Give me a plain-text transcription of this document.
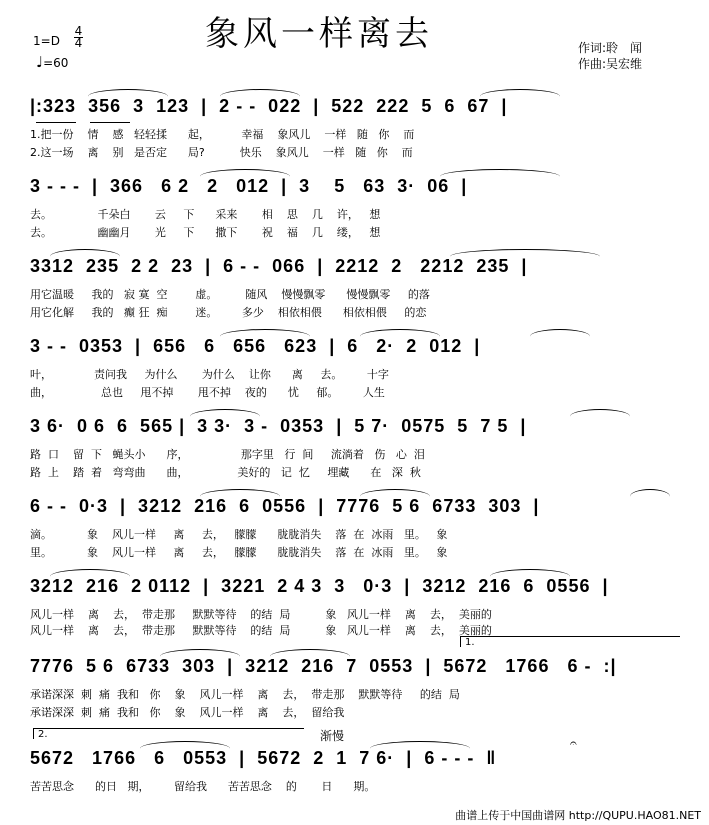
象风一样离去
1=D
4
4
♩=60
作词:聆　闻
作曲:吴宏维
|:323  356  3  123  |  2 - -  022  |  522  222  5  6  67  |
1.把一份    情    感   轻轻揉      起，         幸福    象风儿    一样   随   你    而
2.这一场    离    别   是否定      局?          快乐    象风儿    一样   随   你    而
3 - - -  |  366   6 2   2   012  |  3    5   63  3·  06  |
去。             千朵白       云     下      采来       相    思    几    许，   想
去。             幽幽月       光     下      撒下       祝    福    几    缕，   想
3312  235  2 2  23  |  6 - -  066  |  2212  2   2212  235  |
用它温暖     我的   寂 寞  空        虚。        随风    慢慢飘零      慢慢飘零     的落
用它化解     我的   癫 狂  痴        迷。       多少    相依相偎      相依相偎     的恋
3 - -  0353  |  656   6   656   623  |  6   2·  2  012  |
叶，            责问我     为什么       为什么    让你      离     去。       十字
曲，              总也     甩不掉       甩不掉    夜的      忧     郁。       人生
3 6·  0 6  6  565 |  3 3·  3 -  0353  |  5 7·  0575  5  7 5  |
路  口    留  下   蝇头小      序，               那字里   行  间     流淌着   伤   心  泪
路  上    踏  着   弯弯曲      曲，              美好的   记  忆     埋藏      在   深  秋
6 - -  0·3  |  3212  216  6  0556  |  7776  5 6  6733  303  |
滴。          象    风儿一样     离     去，   朦朦      胧胧消失    落  在  冰雨   里。   象
里。          象    风儿一样     离     去，   朦朦      胧胧消失    落  在  冰雨   里。   象
3212  216  2 0112  |  3221  2 4 3  3   0·3  |  3212  216  6  0556  |
风儿一样    离    去，  带走那     默默等待    的结  局          象   风儿一样    离    去，  美丽的
风儿一样    离    去，  带走那     默默等待    的结  局          象   风儿一样    离    去，  美丽的
1.
7776  5 6  6733  303  |  3212  216  7  0553  |  5672   1766   6 -  :|
承诺深深  刺  痛  我和   你    象    风儿一样    离    去，  带走那    默默等待     的结  局
承诺深深  刺  痛  我和   你    象    风儿一样    离    去，  留给我
2.	渐慢
5672   1766   6   0553  |  5672  2  1  7 6·  |  6 - - -  ‖
𝄐
苦苦思念      的日   期，       留给我      苦苦思念    的       日      期。
曲谱上传于中国曲谱网 http://QUPU.HAO81.NET
